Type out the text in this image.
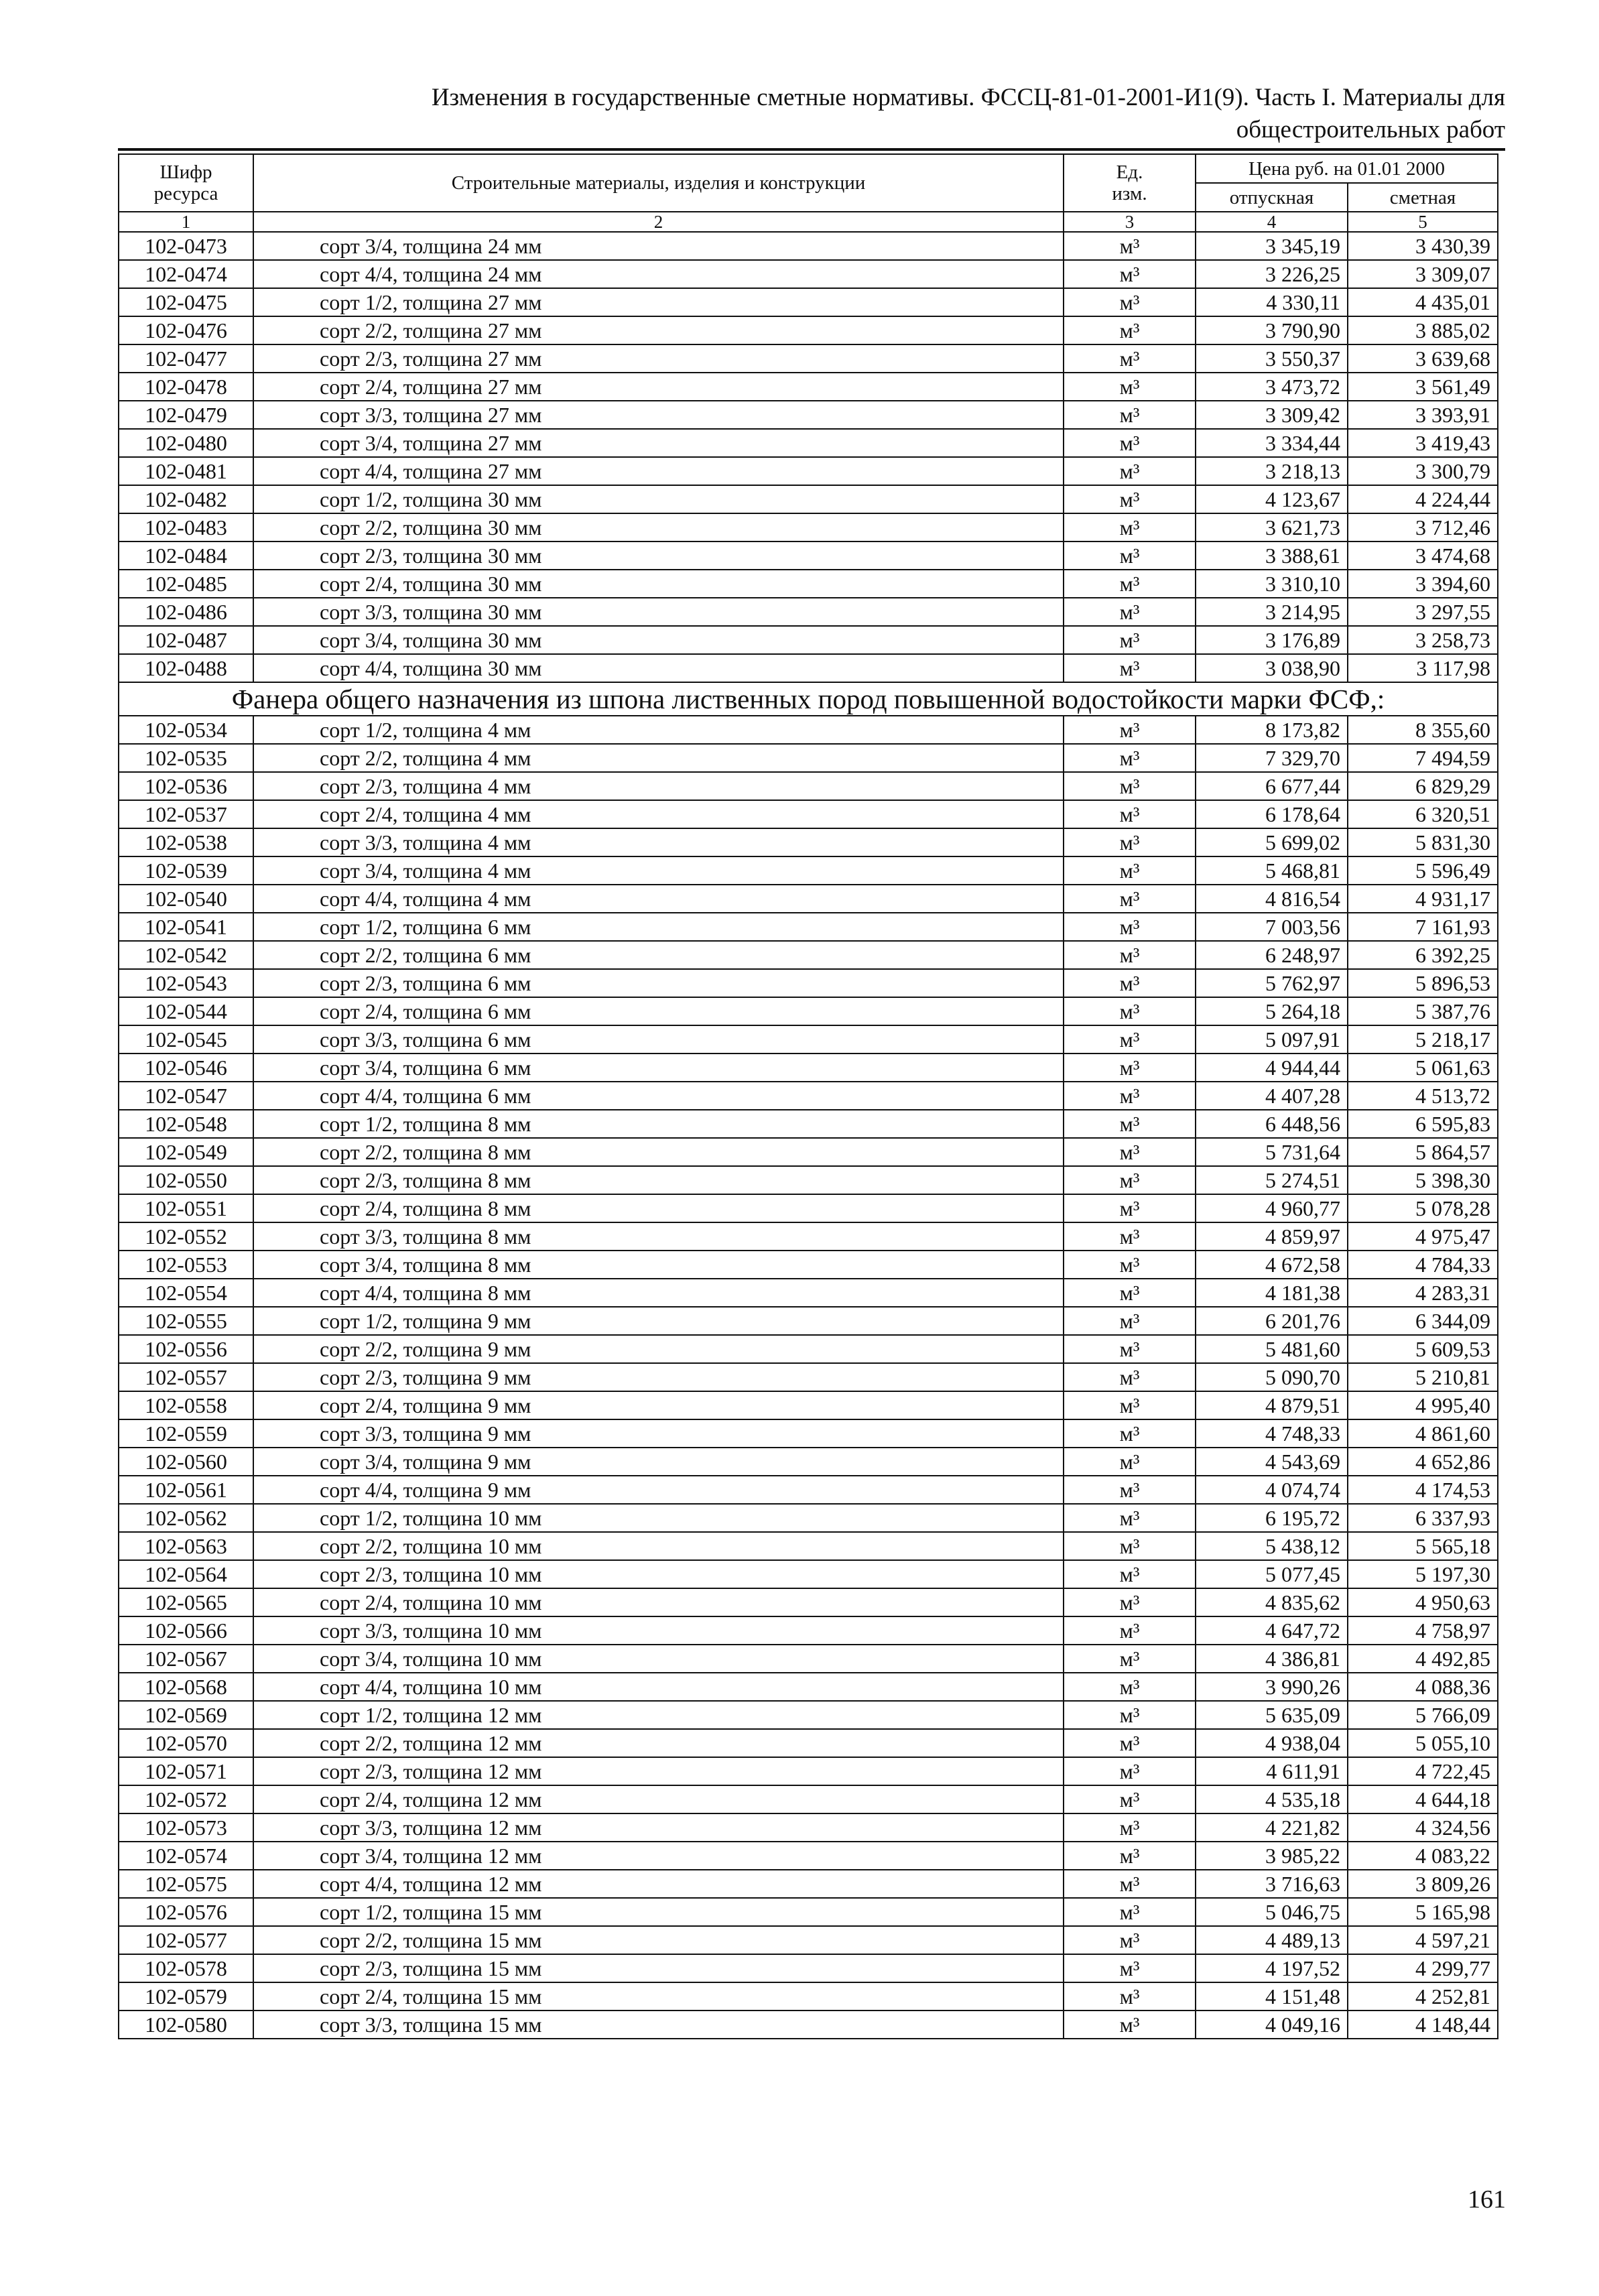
Изменения в государственные сметные нормативы. ФССЦ-81-01-2001-И1(9). Часть I. Материалы для
общестроительных работ
Шифр
ресурса	Строительные материалы, изделия и конструкции	Ед.
изм.	Цена руб. на 01.01 2000	
			отпускная	сметная
1	2	3	4	5
102-0473	сорт 3/4, толщина 24 мм	м³	3 345,19	3 430,39
102-0474	сорт 4/4, толщина 24 мм	м³	3 226,25	3 309,07
102-0475	сорт 1/2, толщина 27 мм	м³	4 330,11	4 435,01
102-0476	сорт 2/2, толщина 27 мм	м³	3 790,90	3 885,02
102-0477	сорт 2/3, толщина 27 мм	м³	3 550,37	3 639,68
102-0478	сорт 2/4, толщина 27 мм	м³	3 473,72	3 561,49
102-0479	сорт 3/3, толщина 27 мм	м³	3 309,42	3 393,91
102-0480	сорт 3/4, толщина 27 мм	м³	3 334,44	3 419,43
102-0481	сорт 4/4, толщина 27 мм	м³	3 218,13	3 300,79
102-0482	сорт 1/2, толщина 30 мм	м³	4 123,67	4 224,44
102-0483	сорт 2/2, толщина 30 мм	м³	3 621,73	3 712,46
102-0484	сорт 2/3, толщина 30 мм	м³	3 388,61	3 474,68
102-0485	сорт 2/4, толщина 30 мм	м³	3 310,10	3 394,60
102-0486	сорт 3/3, толщина 30 мм	м³	3 214,95	3 297,55
102-0487	сорт 3/4, толщина 30 мм	м³	3 176,89	3 258,73
102-0488	сорт 4/4, толщина 30 мм	м³	3 038,90	3 117,98
Фанера общего назначения из шпона лиственных пород повышенной водостойкости марки ФСФ,:				
102-0534	сорт 1/2, толщина 4 мм	м³	8 173,82	8 355,60
102-0535	сорт 2/2, толщина 4 мм	м³	7 329,70	7 494,59
102-0536	сорт 2/3, толщина 4 мм	м³	6 677,44	6 829,29
102-0537	сорт 2/4, толщина 4 мм	м³	6 178,64	6 320,51
102-0538	сорт 3/3, толщина 4 мм	м³	5 699,02	5 831,30
102-0539	сорт 3/4, толщина 4 мм	м³	5 468,81	5 596,49
102-0540	сорт 4/4, толщина 4 мм	м³	4 816,54	4 931,17
102-0541	сорт 1/2, толщина 6 мм	м³	7 003,56	7 161,93
102-0542	сорт 2/2, толщина 6 мм	м³	6 248,97	6 392,25
102-0543	сорт 2/3, толщина 6 мм	м³	5 762,97	5 896,53
102-0544	сорт 2/4, толщина 6 мм	м³	5 264,18	5 387,76
102-0545	сорт 3/3, толщина 6 мм	м³	5 097,91	5 218,17
102-0546	сорт 3/4, толщина 6 мм	м³	4 944,44	5 061,63
102-0547	сорт 4/4, толщина 6 мм	м³	4 407,28	4 513,72
102-0548	сорт 1/2, толщина 8 мм	м³	6 448,56	6 595,83
102-0549	сорт 2/2, толщина 8 мм	м³	5 731,64	5 864,57
102-0550	сорт 2/3, толщина 8 мм	м³	5 274,51	5 398,30
102-0551	сорт 2/4, толщина 8 мм	м³	4 960,77	5 078,28
102-0552	сорт 3/3, толщина 8 мм	м³	4 859,97	4 975,47
102-0553	сорт 3/4, толщина 8 мм	м³	4 672,58	4 784,33
102-0554	сорт 4/4, толщина 8 мм	м³	4 181,38	4 283,31
102-0555	сорт 1/2, толщина 9 мм	м³	6 201,76	6 344,09
102-0556	сорт 2/2, толщина 9 мм	м³	5 481,60	5 609,53
102-0557	сорт 2/3, толщина 9 мм	м³	5 090,70	5 210,81
102-0558	сорт 2/4, толщина 9 мм	м³	4 879,51	4 995,40
102-0559	сорт 3/3, толщина 9 мм	м³	4 748,33	4 861,60
102-0560	сорт 3/4, толщина 9 мм	м³	4 543,69	4 652,86
102-0561	сорт 4/4, толщина 9 мм	м³	4 074,74	4 174,53
102-0562	сорт 1/2, толщина 10 мм	м³	6 195,72	6 337,93
102-0563	сорт 2/2, толщина 10 мм	м³	5 438,12	5 565,18
102-0564	сорт 2/3, толщина 10 мм	м³	5 077,45	5 197,30
102-0565	сорт 2/4, толщина 10 мм	м³	4 835,62	4 950,63
102-0566	сорт 3/3, толщина 10 мм	м³	4 647,72	4 758,97
102-0567	сорт 3/4, толщина 10 мм	м³	4 386,81	4 492,85
102-0568	сорт 4/4, толщина 10 мм	м³	3 990,26	4 088,36
102-0569	сорт 1/2, толщина 12 мм	м³	5 635,09	5 766,09
102-0570	сорт 2/2, толщина 12 мм	м³	4 938,04	5 055,10
102-0571	сорт 2/3, толщина 12 мм	м³	4 611,91	4 722,45
102-0572	сорт 2/4, толщина 12 мм	м³	4 535,18	4 644,18
102-0573	сорт 3/3, толщина 12 мм	м³	4 221,82	4 324,56
102-0574	сорт 3/4, толщина 12 мм	м³	3 985,22	4 083,22
102-0575	сорт 4/4, толщина 12 мм	м³	3 716,63	3 809,26
102-0576	сорт 1/2, толщина 15 мм	м³	5 046,75	5 165,98
102-0577	сорт 2/2, толщина 15 мм	м³	4 489,13	4 597,21
102-0578	сорт 2/3, толщина 15 мм	м³	4 197,52	4 299,77
102-0579	сорт 2/4, толщина 15 мм	м³	4 151,48	4 252,81
102-0580	сорт 3/3, толщина 15 мм	м³	4 049,16	4 148,44
161
